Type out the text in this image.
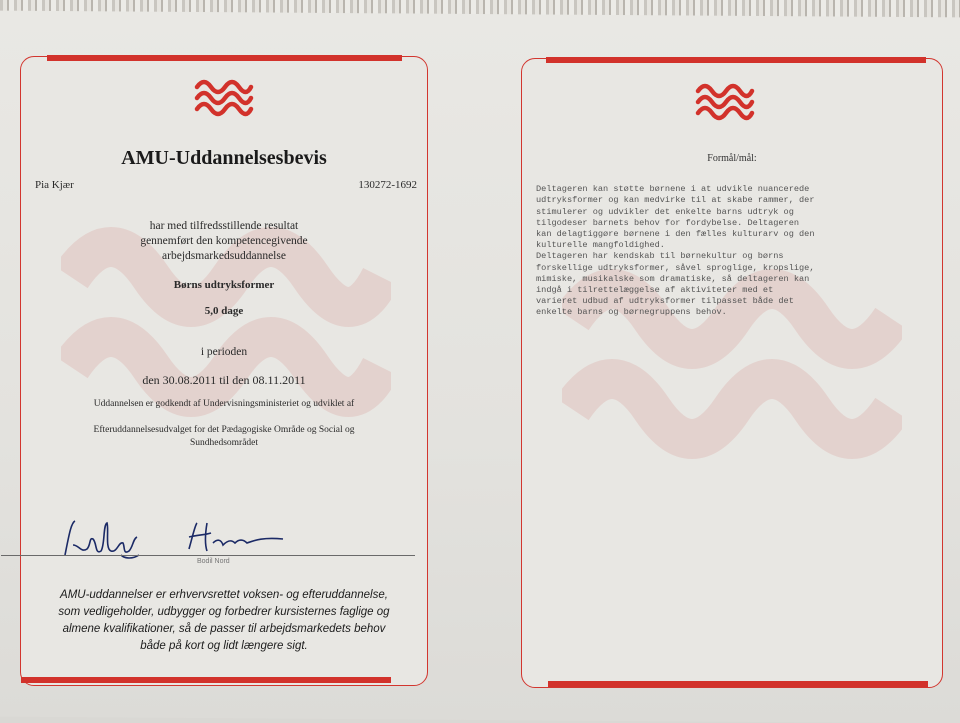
AMU-Uddannelsesbevis
Pia Kjær	130272-1692
har med tilfredsstillende resultat
gennemført den kompetencegivende
arbejdsmarkedsuddannelse
Børns udtryksformer
5,0 dage
i perioden
den 30.08.2011 til den 08.11.2011
Uddannelsen er godkendt af Undervisningsministeriet og udviklet af
Efteruddannelsesudvalget for det Pædagogiske Område og Social og
Sundhedsområdet
Bodil Nord
AMU-uddannelser er erhvervsrettet voksen- og efteruddannelse,
som vedligeholder, udbygger og forbedrer kursisternes faglige og
almene kvalifikationer, så de passer til arbejdsmarkedets behov
både på kort og lidt længere sigt.
Formål/mål:

Deltageren kan støtte børnene i at udvikle nuancerede
udtryksformer og kan medvirke til at skabe rammer, der
stimulerer og udvikler det enkelte barns udtryk og
tilgodeser barnets behov for fordybelse. Deltageren
kan delagtiggøre børnene i den fælles kulturarv og den
kulturelle mangfoldighed.
Deltageren har kendskab til børnekultur og børns
forskellige udtryksformer, såvel sproglige, kropslige,
mimiske, musikalske som dramatiske, så deltageren kan
indgå i tilrettelæggelse af aktiviteter med et
varieret udbud af udtryksformer tilpasset både det
enkelte barns og børnegruppens behov.
